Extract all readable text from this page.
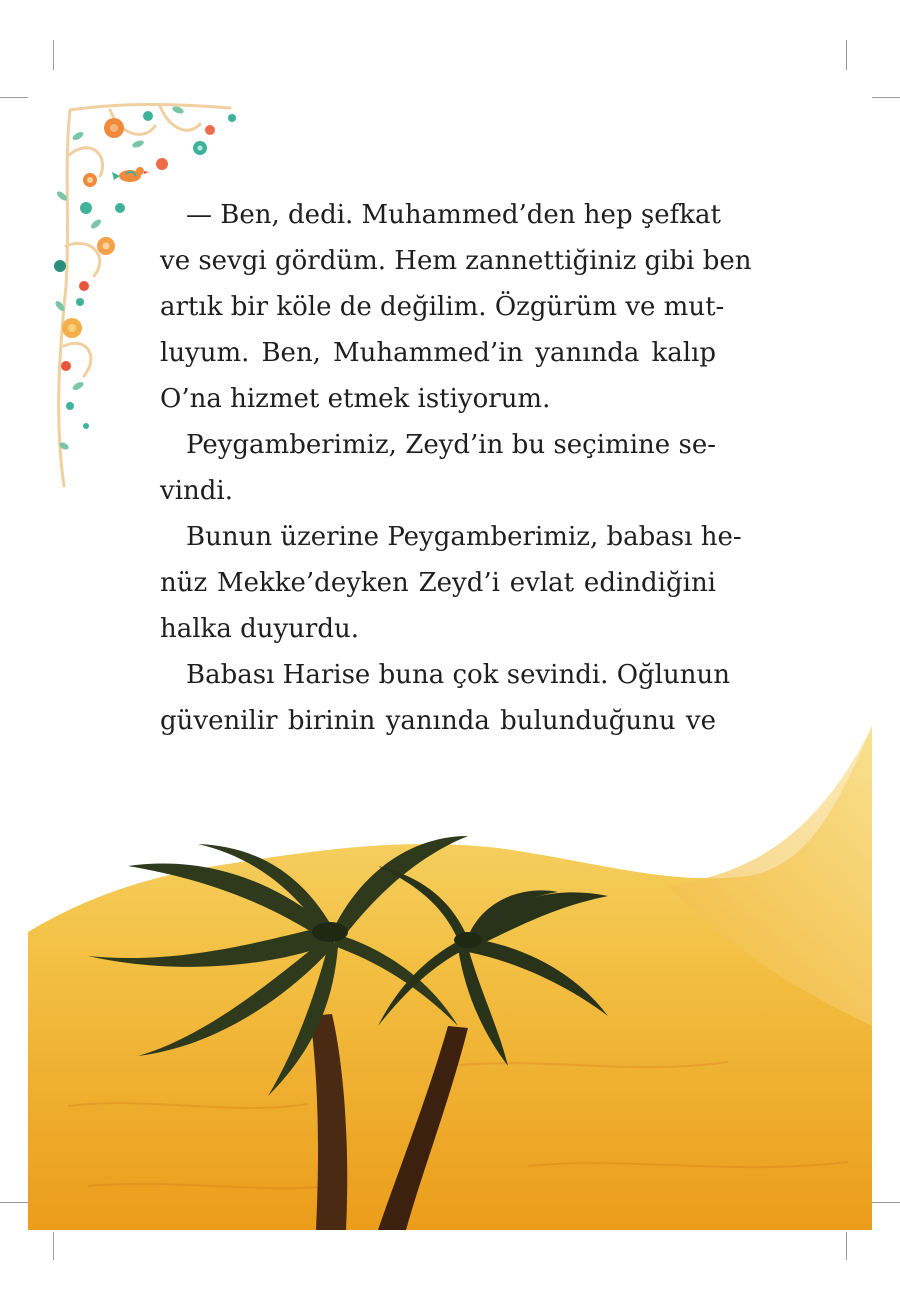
— Ben, dedi. Muhammed’den hep şefkat
ve sevgi gördüm. Hem zannettiğiniz gibi ben
artık bir köle de değilim. Özgürüm ve mut-
luyum. Ben, Muhammed’in yanında kalıp
O’na hizmet etmek istiyorum.
Peygamberimiz, Zeyd’in bu seçimine se-
vindi.
Bunun üzerine Peygamberimiz, babası he-
nüz Mekke’deyken Zeyd’i evlat edindiğini
halka duyurdu.
Babası Harise buna çok sevindi. Oğlunun
güvenilir birinin yanında bulunduğunu ve
